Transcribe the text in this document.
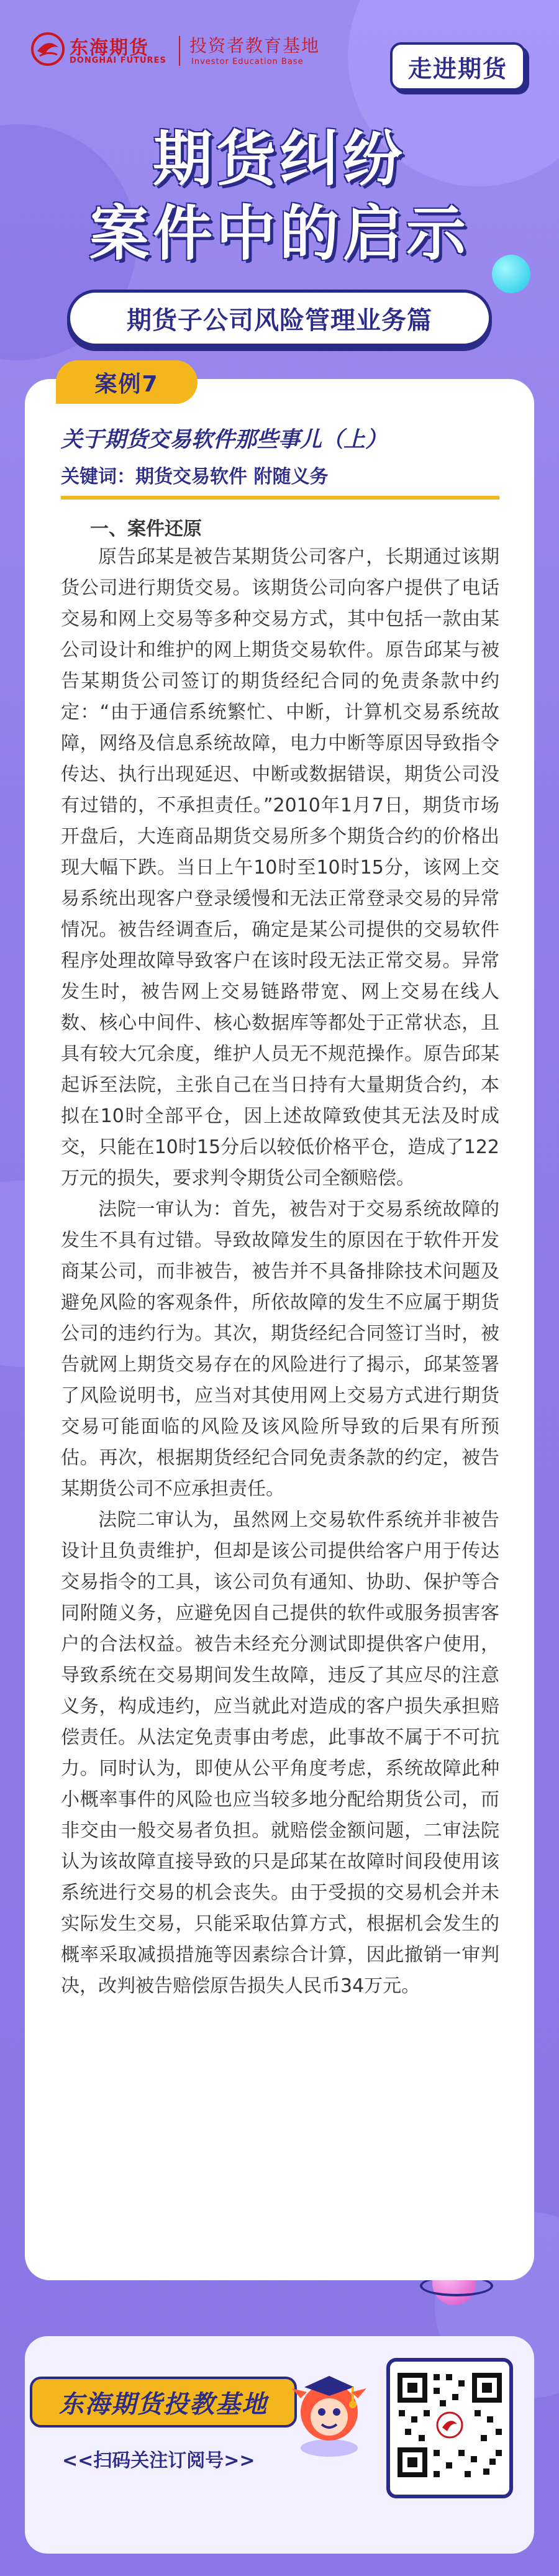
东海期货
DONGHAI FUTURES
投资者教育基地
Investor Education Base	走进期货
期货纠纷
案件中的启示
期货子公司风险管理业务篇
案例7
关于期货交易软件那些事儿（上）
关键词：期货交易软件 附随义务
一、案件还原

原告邱某是被告某期货公司客户，长期通过该期货公司进行期货交易。该期货公司向客户提供了电话交易和网上交易等多种交易方式，其中包括一款由某公司设计和维护的网上期货交易软件。原告邱某与被告某期货公司签订的期货经纪合同的免责条款中约定：“由于通信系统繁忙、中断，计算机交易系统故障，网络及信息系统故障，电力中断等原因导致指令传达、执行出现延迟、中断或数据错误，期货公司没有过错的，不承担责任。”2010年1月7日，期货市场开盘后，大连商品期货交易所多个期货合约的价格出现大幅下跌。当日上午10时至10时15分，该网上交易系统出现客户登录缓慢和无法正常登录交易的异常情况。被告经调查后，确定是某公司提供的交易软件程序处理故障导致客户在该时段无法正常交易。异常发生时，被告网上交易链路带宽、网上交易在线人数、核心中间件、核心数据库等都处于正常状态，且具有较大冗余度，维护人员无不规范操作。原告邱某起诉至法院，主张自己在当日持有大量期货合约，本拟在10时全部平仓，因上述故障致使其无法及时成交，只能在10时15分后以较低价格平仓，造成了122万元的损失，要求判令期货公司全额赔偿。

法院一审认为：首先，被告对于交易系统故障的发生不具有过错。导致故障发生的原因在于软件开发商某公司，而非被告，被告并不具备排除技术问题及避免风险的客观条件，所依故障的发生不应属于期货公司的违约行为。其次，期货经纪合同签订当时，被告就网上期货交易存在的风险进行了揭示，邱某签署了风险说明书，应当对其使用网上交易方式进行期货交易可能面临的风险及该风险所导致的后果有所预估。再次，根据期货经纪合同免责条款的约定，被告某期货公司不应承担责任。

法院二审认为，虽然网上交易软件系统并非被告设计且负责维护，但却是该公司提供给客户用于传达交易指令的工具，该公司负有通知、协助、保护等合同附随义务，应避免因自己提供的软件或服务损害客户的合法权益。被告未经充分测试即提供客户使用，导致系统在交易期间发生故障，违反了其应尽的注意义务，构成违约，应当就此对造成的客户损失承担赔偿责任。从法定免责事由考虑，此事故不属于不可抗力。同时认为，即使从公平角度考虑，系统故障此种小概率事件的风险也应当较多地分配给期货公司，而非交由一般交易者负担。就赔偿金额问题，二审法院认为该故障直接导致的只是邱某在故障时间段使用该系统进行交易的机会丧失。由于受损的交易机会并未实际发生交易，只能采取估算方式，根据机会发生的概率采取减损措施等因素综合计算，因此撤销一审判决，改判被告赔偿原告损失人民币34万元。

东海期货投教基地
<<扫码关注订阅号>>
